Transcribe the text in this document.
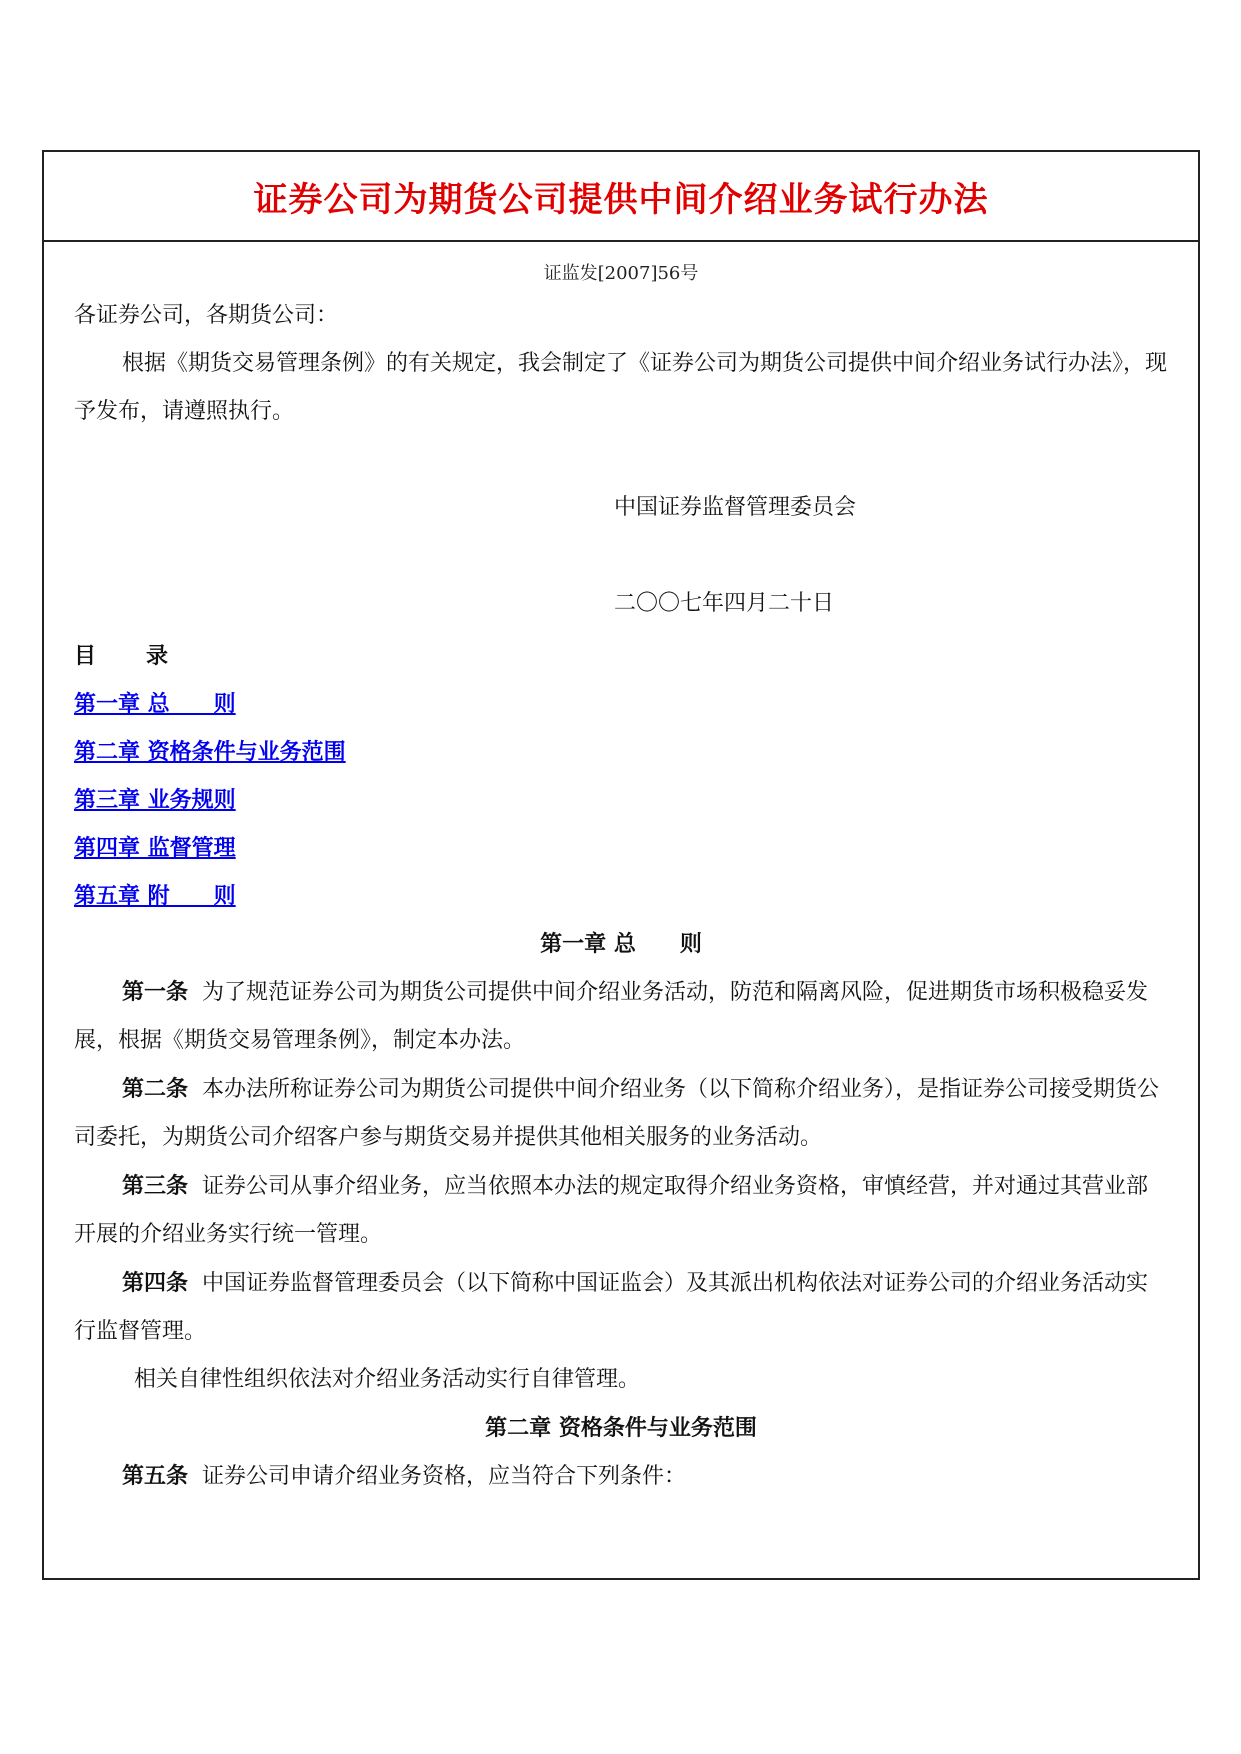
证券公司为期货公司提供中间介绍业务试行办法
证监发[2007]56号

各证券公司，各期货公司：

根据《期货交易管理条例》的有关规定，我会制定了《证券公司为期货公司提供中间介绍业务试行办法》，现予发布，请遵照执行。

中国证券监督管理委员会

二〇〇七年四月二十日

目　录

第一章 总　　则
第二章 资格条件与业务范围
第三章 业务规则
第四章 监督管理
第五章 附　　则

第一章 总　　则

第一条 为了规范证券公司为期货公司提供中间介绍业务活动，防范和隔离风险，促进期货市场积极稳妥发展，根据《期货交易管理条例》，制定本办法。

第二条 本办法所称证券公司为期货公司提供中间介绍业务（以下简称介绍业务），是指证券公司接受期货公司委托，为期货公司介绍客户参与期货交易并提供其他相关服务的业务活动。

第三条 证券公司从事介绍业务，应当依照本办法的规定取得介绍业务资格，审慎经营，并对通过其营业部开展的介绍业务实行统一管理。

第四条 中国证券监督管理委员会（以下简称中国证监会）及其派出机构依法对证券公司的介绍业务活动实行监督管理。

相关自律性组织依法对介绍业务活动实行自律管理。

第二章 资格条件与业务范围

第五条 证券公司申请介绍业务资格，应当符合下列条件：
